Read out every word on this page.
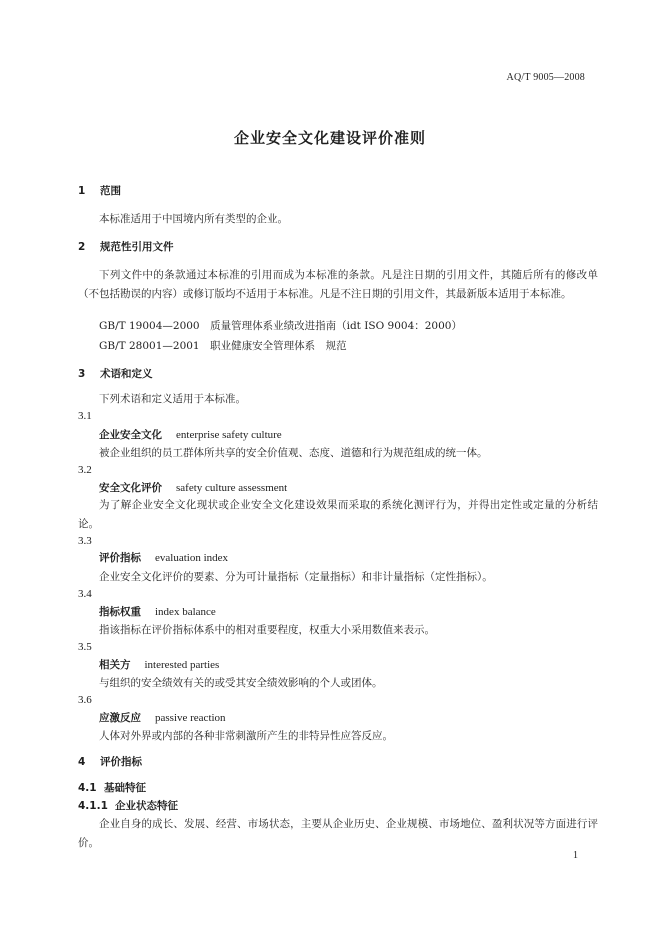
AQ/T 9005—2008
企业安全文化建设评价准则
1 范围
本标准适用于中国境内所有类型的企业。
2 规范性引用文件
下列文件中的条款通过本标准的引用而成为本标准的条款。凡是注日期的引用文件，其随后所有的修改单（不包括勘误的内容）或修订版均不适用于本标准。凡是不注日期的引用文件，其最新版本适用于本标准。
GB/T 19004—2000　质量管理体系业绩改进指南（idt ISO 9004：2000）
GB/T 28001—2001　职业健康安全管理体系　规范
3 术语和定义
下列术语和定义适用于本标准。
3.1
企业安全文化 enterprise safety culture
被企业组织的员工群体所共享的安全价值观、态度、道德和行为规范组成的统一体。
3.2
安全文化评价 safety culture assessment
为了解企业安全文化现状或企业安全文化建设效果而采取的系统化测评行为，并得出定性或定量的分析结论。
3.3
评价指标 evaluation index
企业安全文化评价的要素、分为可计量指标（定量指标）和非计量指标（定性指标）。
3.4
指标权重 index balance
指该指标在评价指标体系中的相对重要程度，权重大小采用数值来表示。
3.5
相关方 interested parties
与组织的安全绩效有关的或受其安全绩效影响的个人或团体。
3.6
应激反应 passive reaction
人体对外界或内部的各种非常刺激所产生的非特异性应答反应。
4 评价指标
4.1 基础特征
4.1.1 企业状态特征
企业自身的成长、发展、经营、市场状态，主要从企业历史、企业规模、市场地位、盈利状况等方面进行评价。
1
